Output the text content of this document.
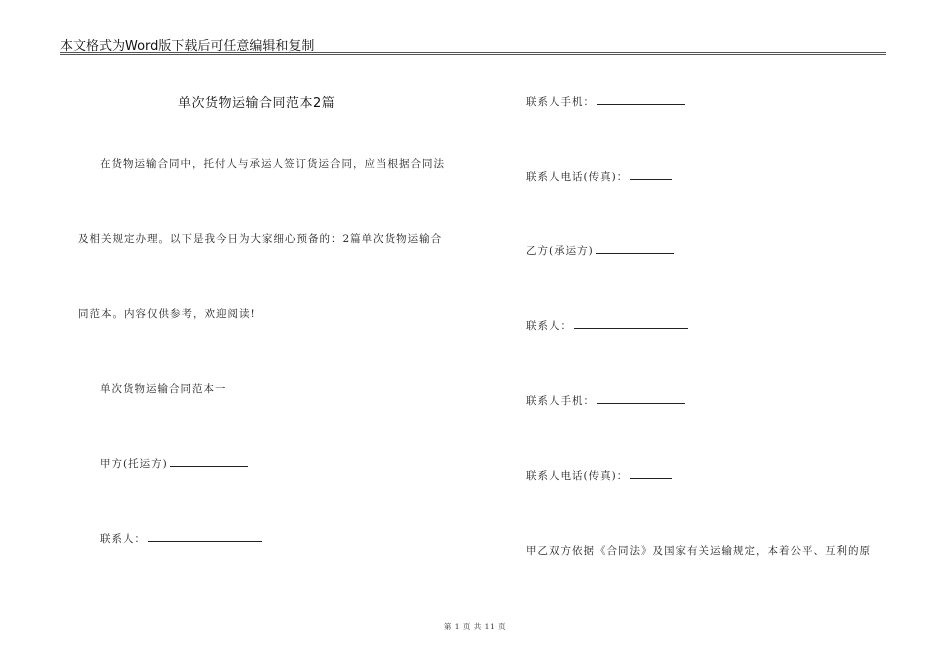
本文格式为Word版下载后可任意编辑和复制
单次货物运输合同范本2篇
在货物运输合同中，托付人与承运人签订货运合同，应当根据合同法
及相关规定办理。以下是我今日为大家细心预备的：2篇单次货物运输合
同范本。内容仅供参考，欢迎阅读!
单次货物运输合同范本一
甲方(托运方)
联系人：
联系人手机：
联系人电话(传真)：
乙方(承运方)
联系人：
联系人手机：
联系人电话(传真)：
甲乙双方依据《合同法》及国家有关运输规定，本着公平、互利的原
第 1 页 共 11 页
